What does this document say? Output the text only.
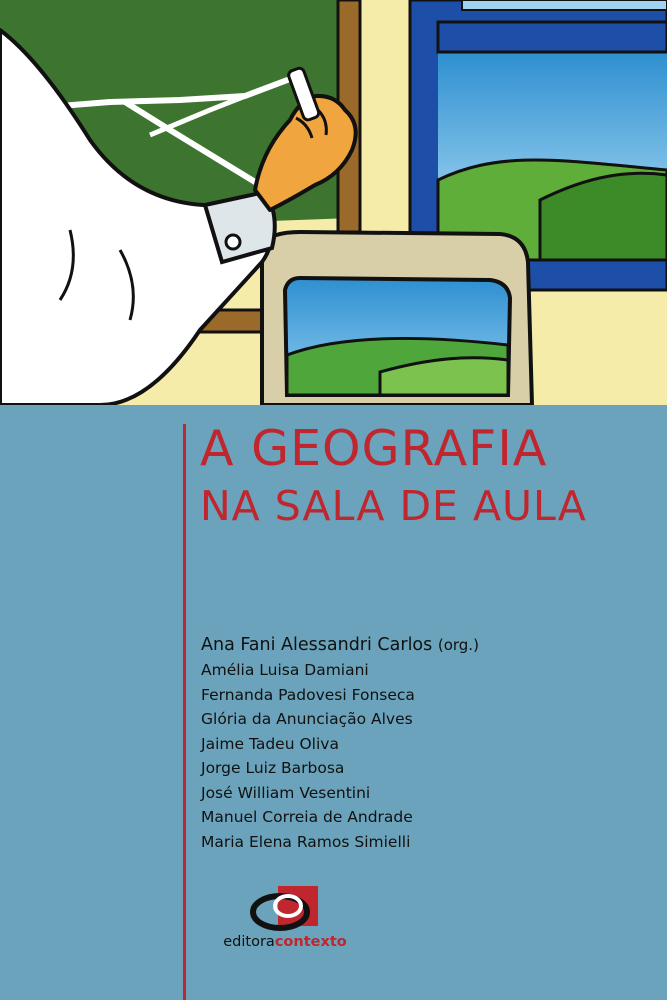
A GEOGRAFIA
NA SALA DE AULA
Ana Fani Alessandri Carlos (org.)
Amélia Luisa Damiani
Fernanda Padovesi Fonseca
Glória da Anunciação Alves
Jaime Tadeu Oliva
Jorge Luiz Barbosa
José William Vesentini
Manuel Correia de Andrade
Maria Elena Ramos Simielli
editoracontexto
